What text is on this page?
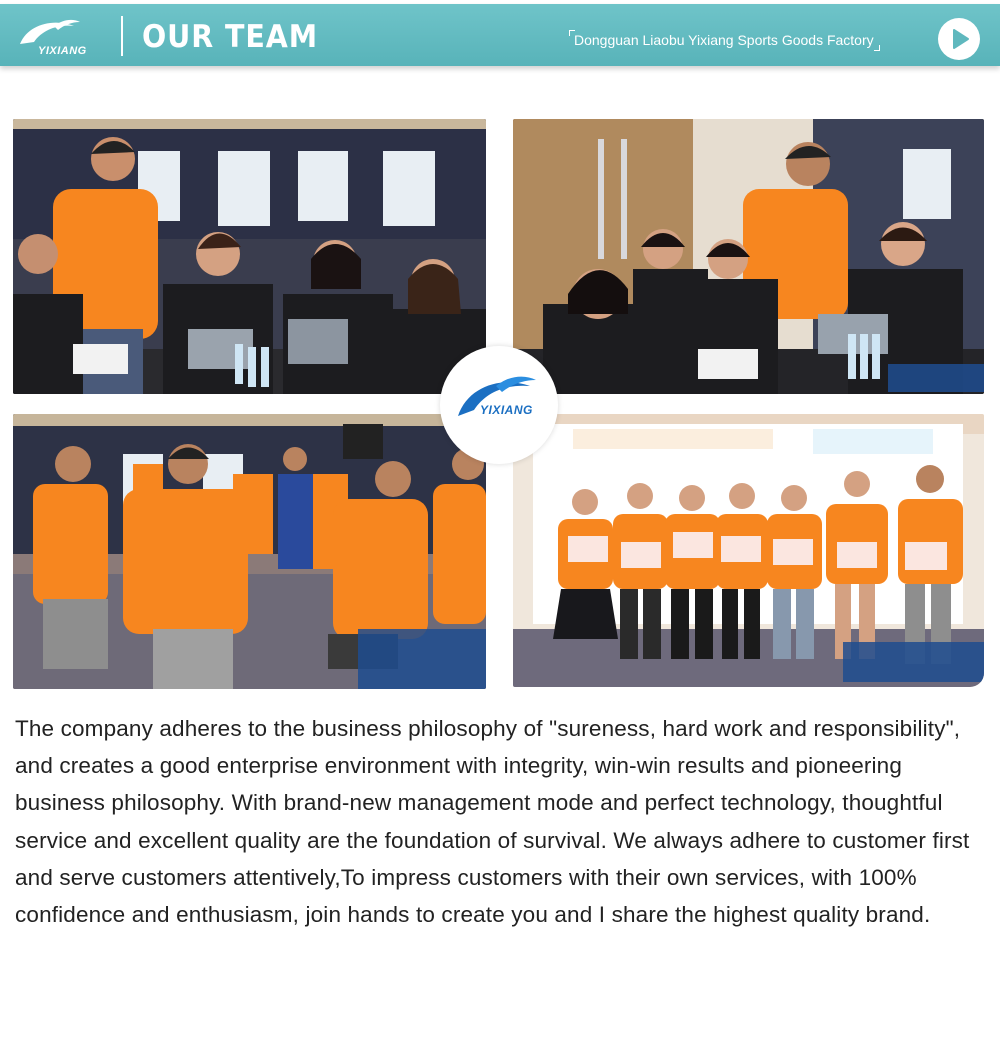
YIXIANG OUR TEAM	Dongguan Liaobu Yixiang Sports Goods Factory
YIXIANG
The company adheres to the business philosophy of "sureness, hard work and responsibility", and creates a good enterprise environment with integrity, win-win results and pioneering business philosophy. With brand-new management mode and perfect technology, thoughtful service and excellent quality are the foundation of survival. We always adhere to customer first and serve customers attentively,To impress customers with their own services, with 100% confidence and enthusiasm, join hands to create you and I share the highest quality brand.
